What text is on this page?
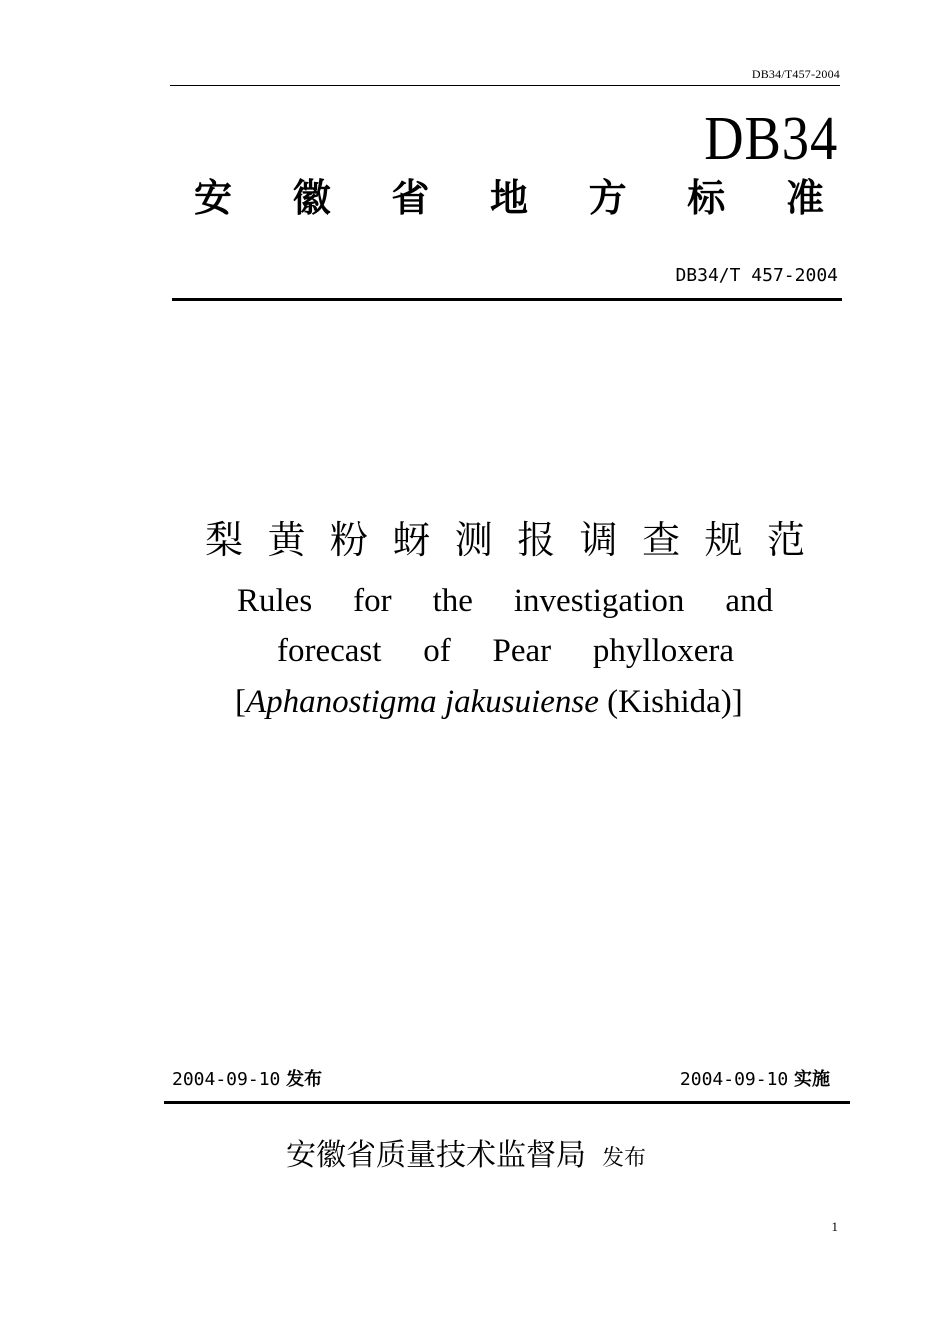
DB34/T457-2004
DB34
安 徽 省 地 方 标 准
DB34/T 457-2004
梨 黄 粉 蚜 测 报 调 查 规 范
Rules for the investigation and
forecast of Pear phylloxera
[Aphanostigma jakusuiense (Kishida)]
2004-09-10 发布	2004-09-10 实施
安徽省质量技术监督局 发布
1
